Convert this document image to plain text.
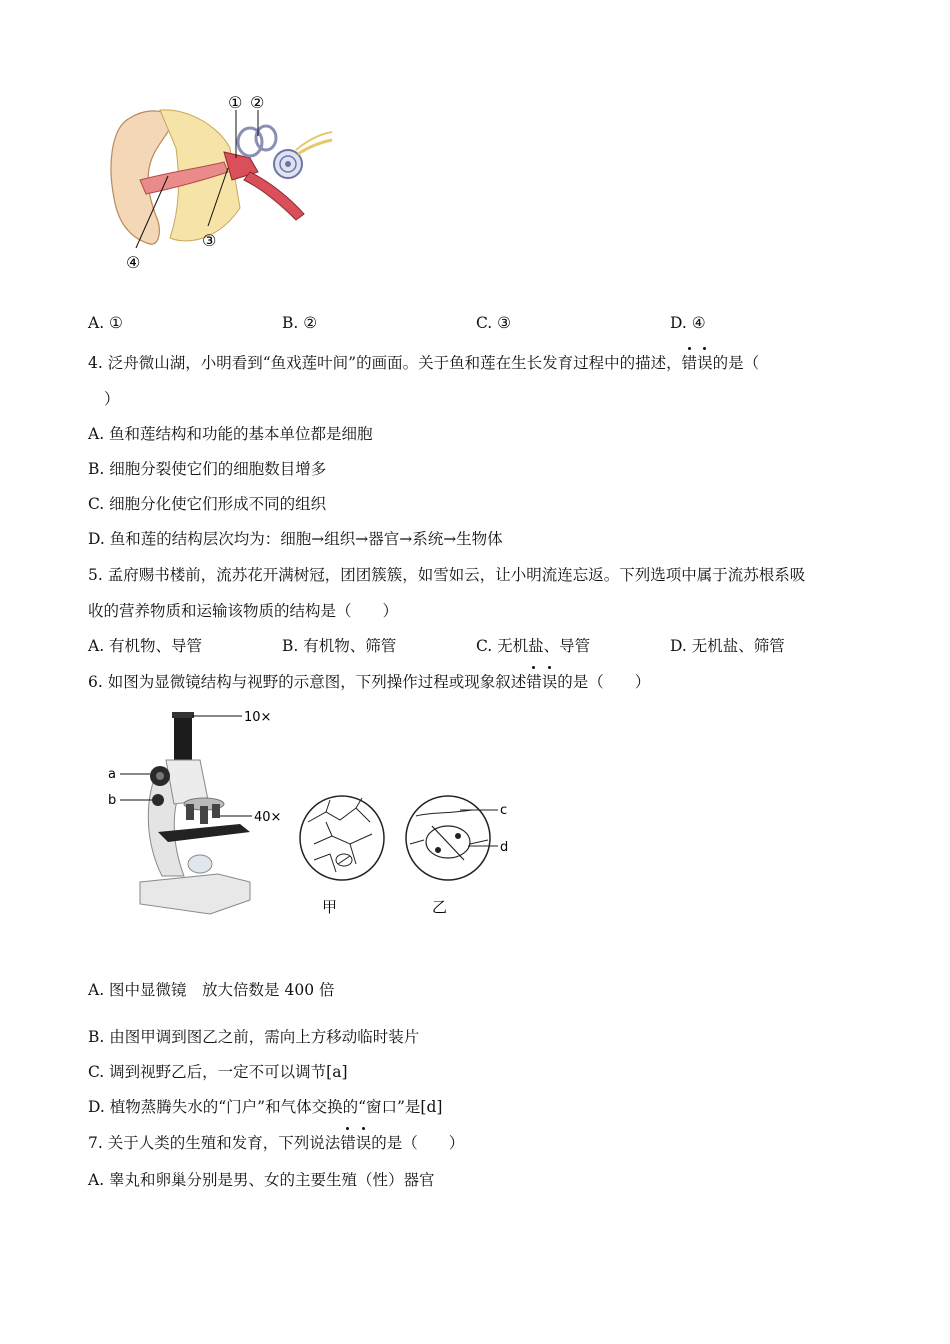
① ②
③
④
A. ①	B. ②	C. ③	D. ④
4. 泛舟微山湖，小明看到“鱼戏莲叶间”的画面。关于鱼和莲在生长发育过程中的描述，错误的是（
）
A. 鱼和莲结构和功能的基本单位都是细胞
B. 细胞分裂使它们的细胞数目增多
C. 细胞分化使它们形成不同的组织
D. 鱼和莲的结构层次均为：细胞→组织→器官→系统→生物体
5. 孟府赐书楼前，流苏花开满树冠，团团簇簇，如雪如云，让小明流连忘返。下列选项中属于流苏根系吸
收的营养物质和运输该物质的结构是（　　）
A. 有机物、导管	B. 有机物、筛管	C. 无机盐、导管	D. 无机盐、筛管
6. 如图为显微镜结构与视野的示意图，下列操作过程或现象叙述错误的是（　　）
10×
a
b
40×
甲
c
d
乙
A. 图中显微镜　放大倍数是 400 倍
B. 由图甲调到图乙之前，需向上方移动临时装片
C. 调到视野乙后，一定不可以调节[a]
D. 植物蒸腾失水的“门户”和气体交换的“窗口”是[d]
7. 关于人类的生殖和发育，下列说法错误的是（　　）
A. 睾丸和卵巢分别是男、女的主要生殖（性）器官
